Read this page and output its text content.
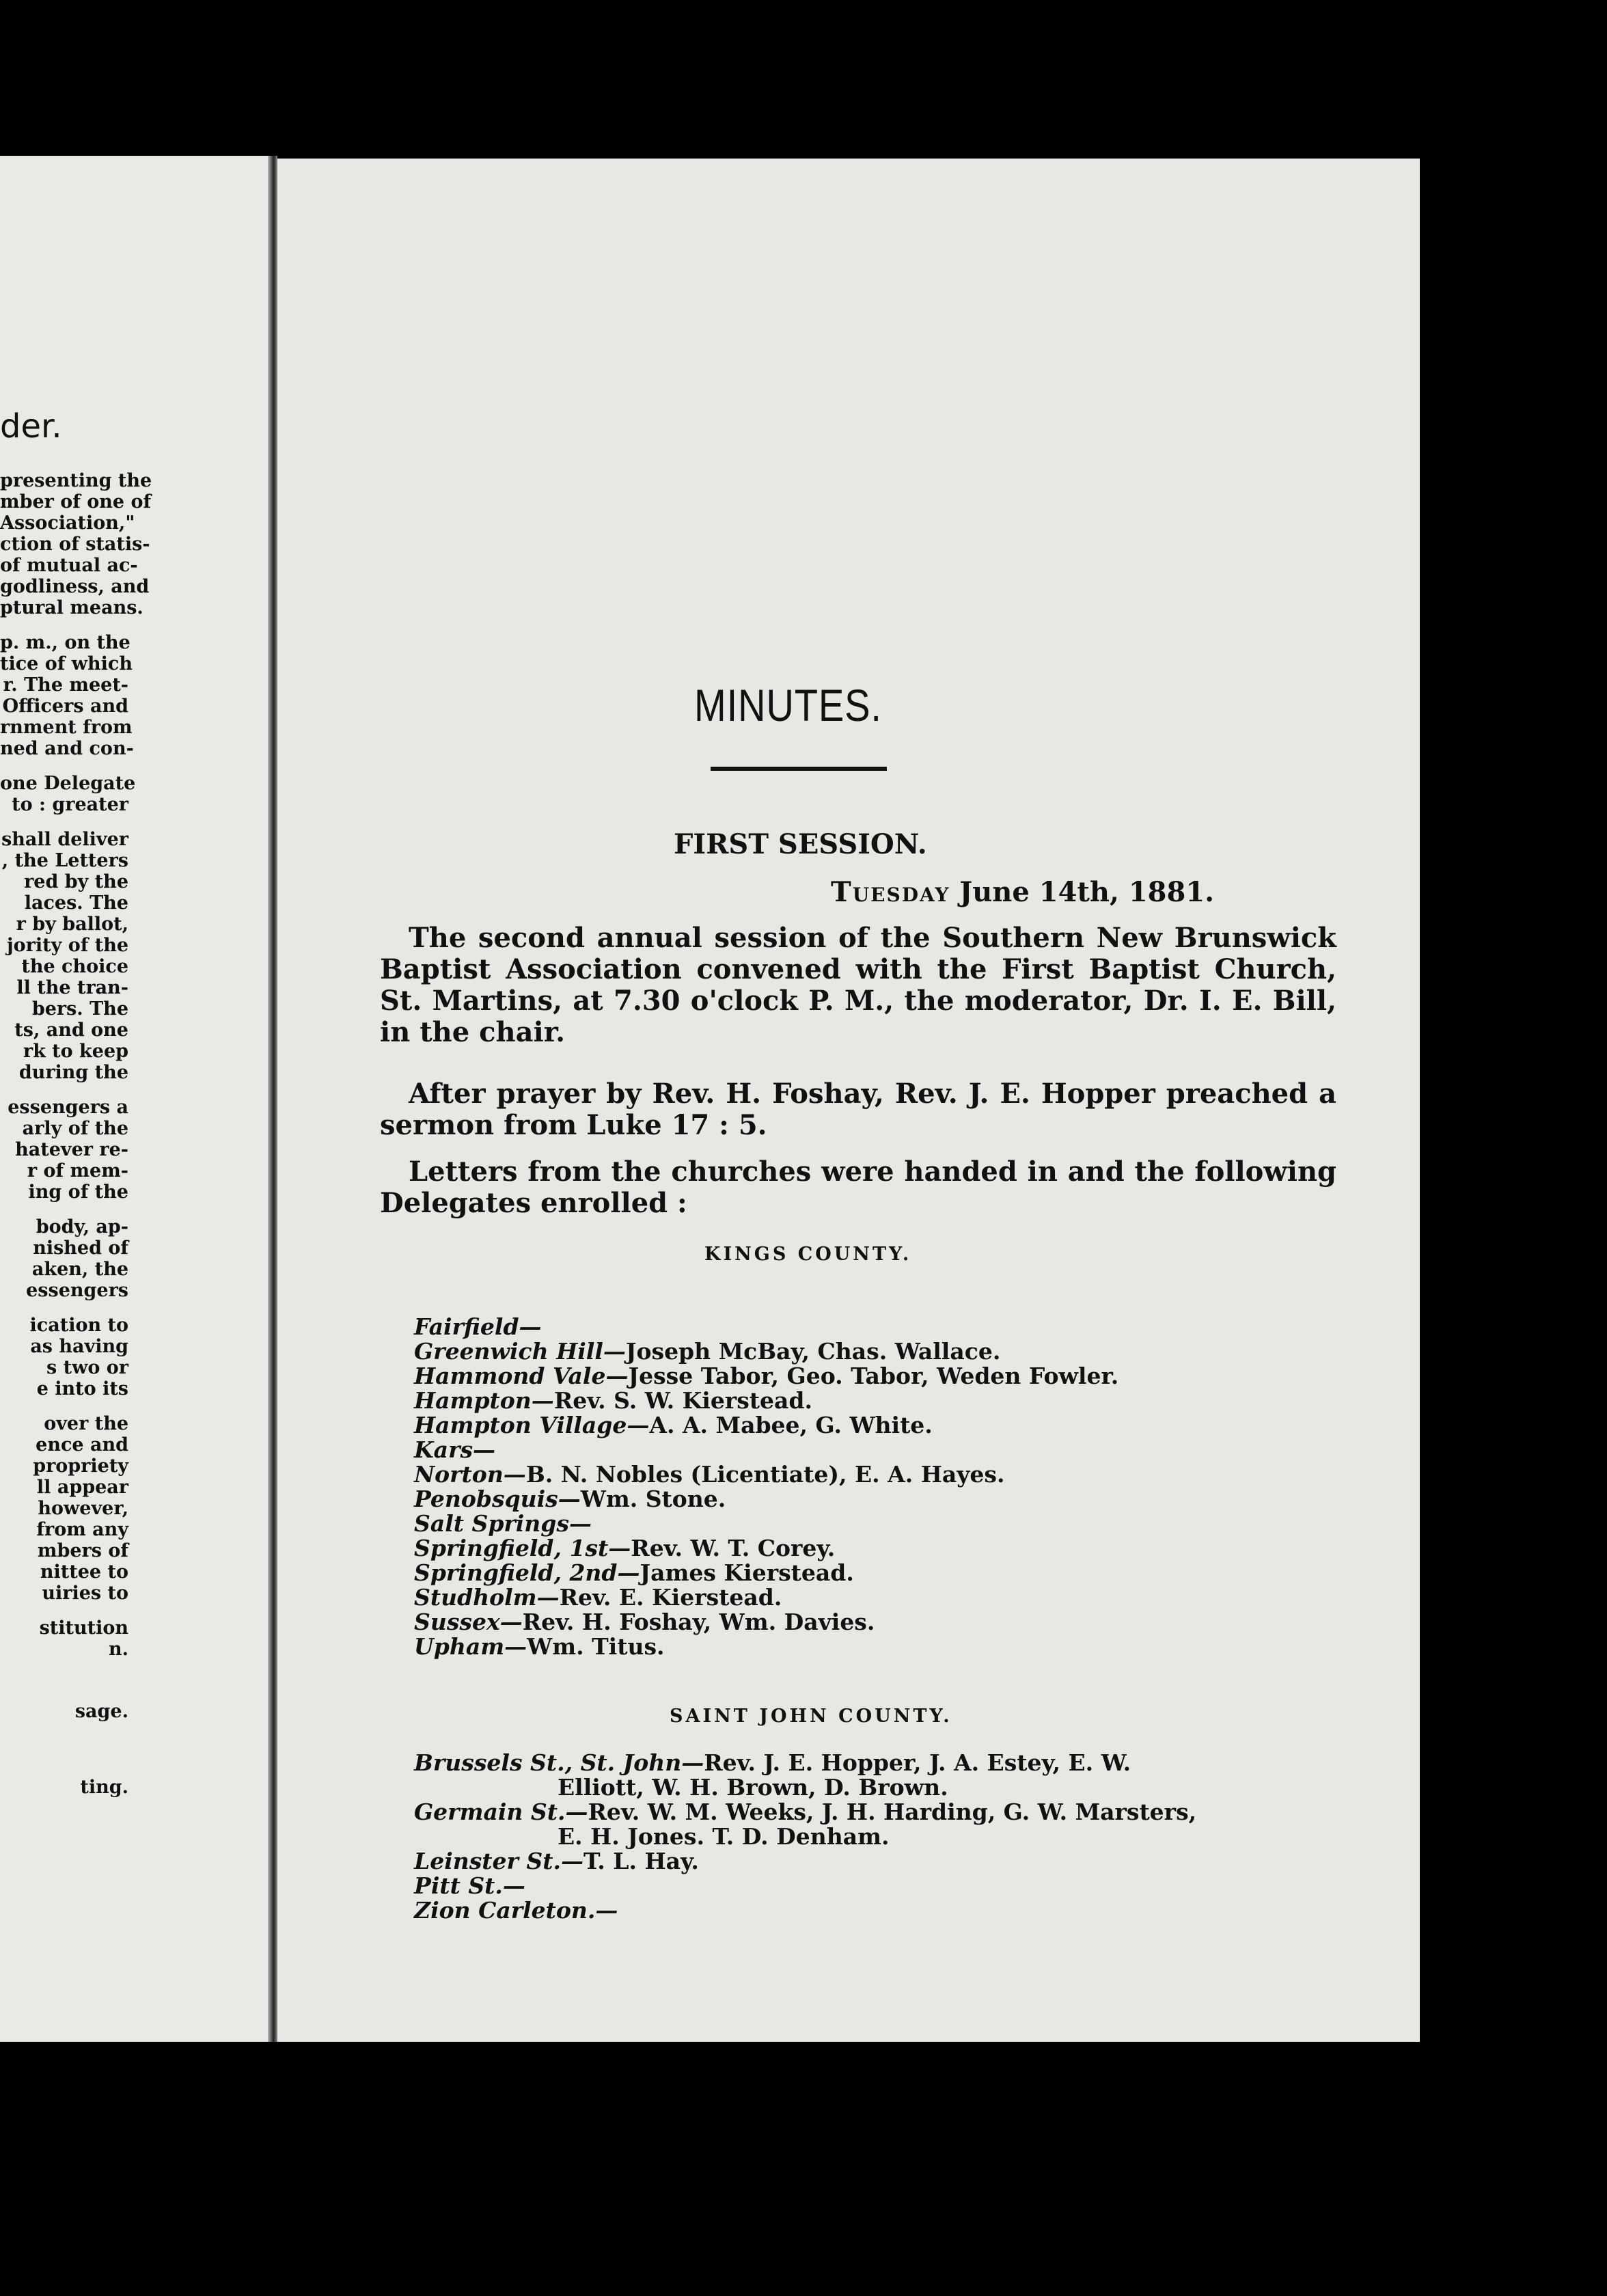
der.
presenting the
mber of one of
Association,"
ction of statis-
of mutual ac-
godliness, and
ptural means.
p. m., on the
tice of which
r. The meet-
Officers and
rnment from
ned and con-
one Delegate
to : greater
shall deliver
, the Letters
red by the
laces. The
r by ballot,
jority of the
the choice
ll the tran-
bers. The
ts, and one
rk to keep
during the
essengers a
arly of the
hatever re-
r of mem-
ing of the
body, ap-
nished of
aken, the
essengers
ication to
as having
s two or
e into its
over the
ence and
propriety
ll appear
however,
from any
mbers of
nittee to
uiries to
stitution
n.
sage.
ting.
MINUTES.
FIRST SESSION.
Tuesday June 14th, 1881.
The second annual session of the Southern New Brunswick Baptist Association convened with the First Baptist Church, St. Martins, at 7.30 o'clock P. M., the moderator, Dr. I. E. Bill, in the chair.
After prayer by Rev. H. Foshay, Rev. J. E. Hopper preached a sermon from Luke 17 : 5.
Letters from the churches were handed in and the following Delegates enrolled :
KINGS COUNTY.
Fairfield—
Greenwich Hill—Joseph McBay, Chas. Wallace.
Hammond Vale—Jesse Tabor, Geo. Tabor, Weden Fowler.
Hampton—Rev. S. W. Kierstead.
Hampton Village—A. A. Mabee, G. White.
Kars—
Norton—B. N. Nobles (Licentiate), E. A. Hayes.
Penobsquis—Wm. Stone.
Salt Springs—
Springfield, 1st—Rev. W. T. Corey.
Springfield, 2nd—James Kierstead.
Studholm—Rev. E. Kierstead.
Sussex—Rev. H. Foshay, Wm. Davies.
Upham—Wm. Titus.
SAINT JOHN COUNTY.
Brussels St., St. John—Rev. J. E. Hopper, J. A. Estey, E. W.
Elliott, W. H. Brown, D. Brown.
Germain St.—Rev. W. M. Weeks, J. H. Harding, G. W. Marsters,
E. H. Jones. T. D. Denham.
Leinster St.—T. L. Hay.
Pitt St.—
Zion Carleton.—
